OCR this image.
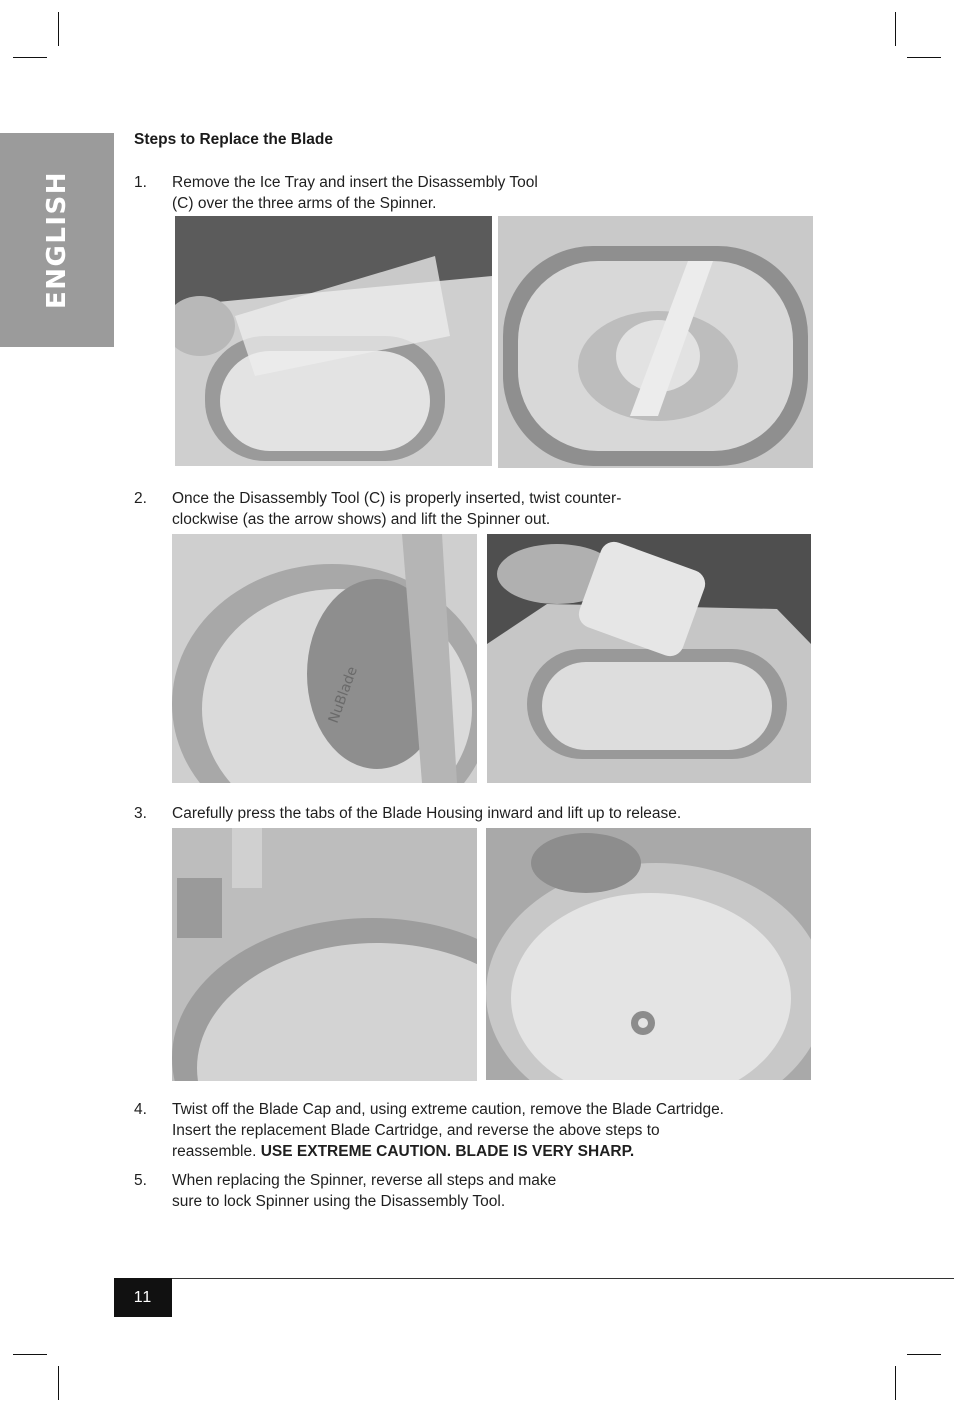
ENGLISH
Steps to Replace the Blade
1.	Remove the Ice Tray and insert the Disassembly Tool
(C) over the three arms of the Spinner.
2.	Once the Disassembly Tool (C) is properly inserted, twist counter-
clockwise (as the arrow shows) and lift the Spinner out.
NuBlade
3.	Carefully press the tabs of the Blade Housing inward and lift up to release.
4.	Twist off the Blade Cap and, using extreme caution, remove the Blade Cartridge.
Insert the replacement Blade Cartridge, and reverse the above steps to
reassemble. USE EXTREME CAUTION. BLADE IS VERY SHARP.
5.	When replacing the Spinner, reverse all steps and make
sure to lock Spinner using the Disassembly Tool.
11
